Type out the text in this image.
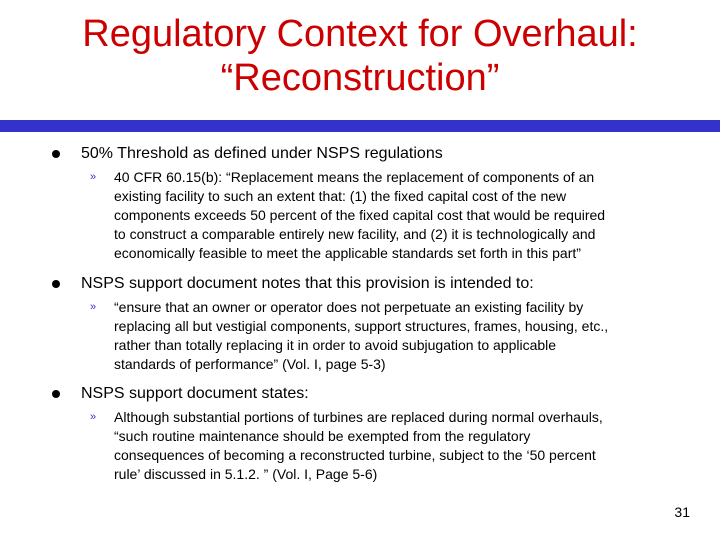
Regulatory Context for Overhaul:
“Reconstruction”
50% Threshold as defined under NSPS regulations
» 40 CFR 60.15(b): “Replacement means the replacement of components of an
existing facility to such an extent that: (1) the fixed capital cost of the new
components exceeds 50 percent of the fixed capital cost that would be required
to construct a comparable entirely new facility, and (2) it is technologically and
economically feasible to meet the applicable standards set forth in this part”
NSPS support document notes that this provision is intended to:
» “ensure that an owner or operator does not perpetuate an existing facility by
replacing all but vestigial components, support structures, frames, housing, etc.,
rather than totally replacing it in order to avoid subjugation to applicable
standards of performance” (Vol. I, page 5-3)
NSPS support document states:
» Although substantial portions of turbines are replaced during normal overhauls,
“such routine maintenance should be exempted from the regulatory
consequences of becoming a reconstructed turbine, subject to the ‘50 percent
rule’ discussed in 5.1.2. ” (Vol. I, Page 5-6)
31
